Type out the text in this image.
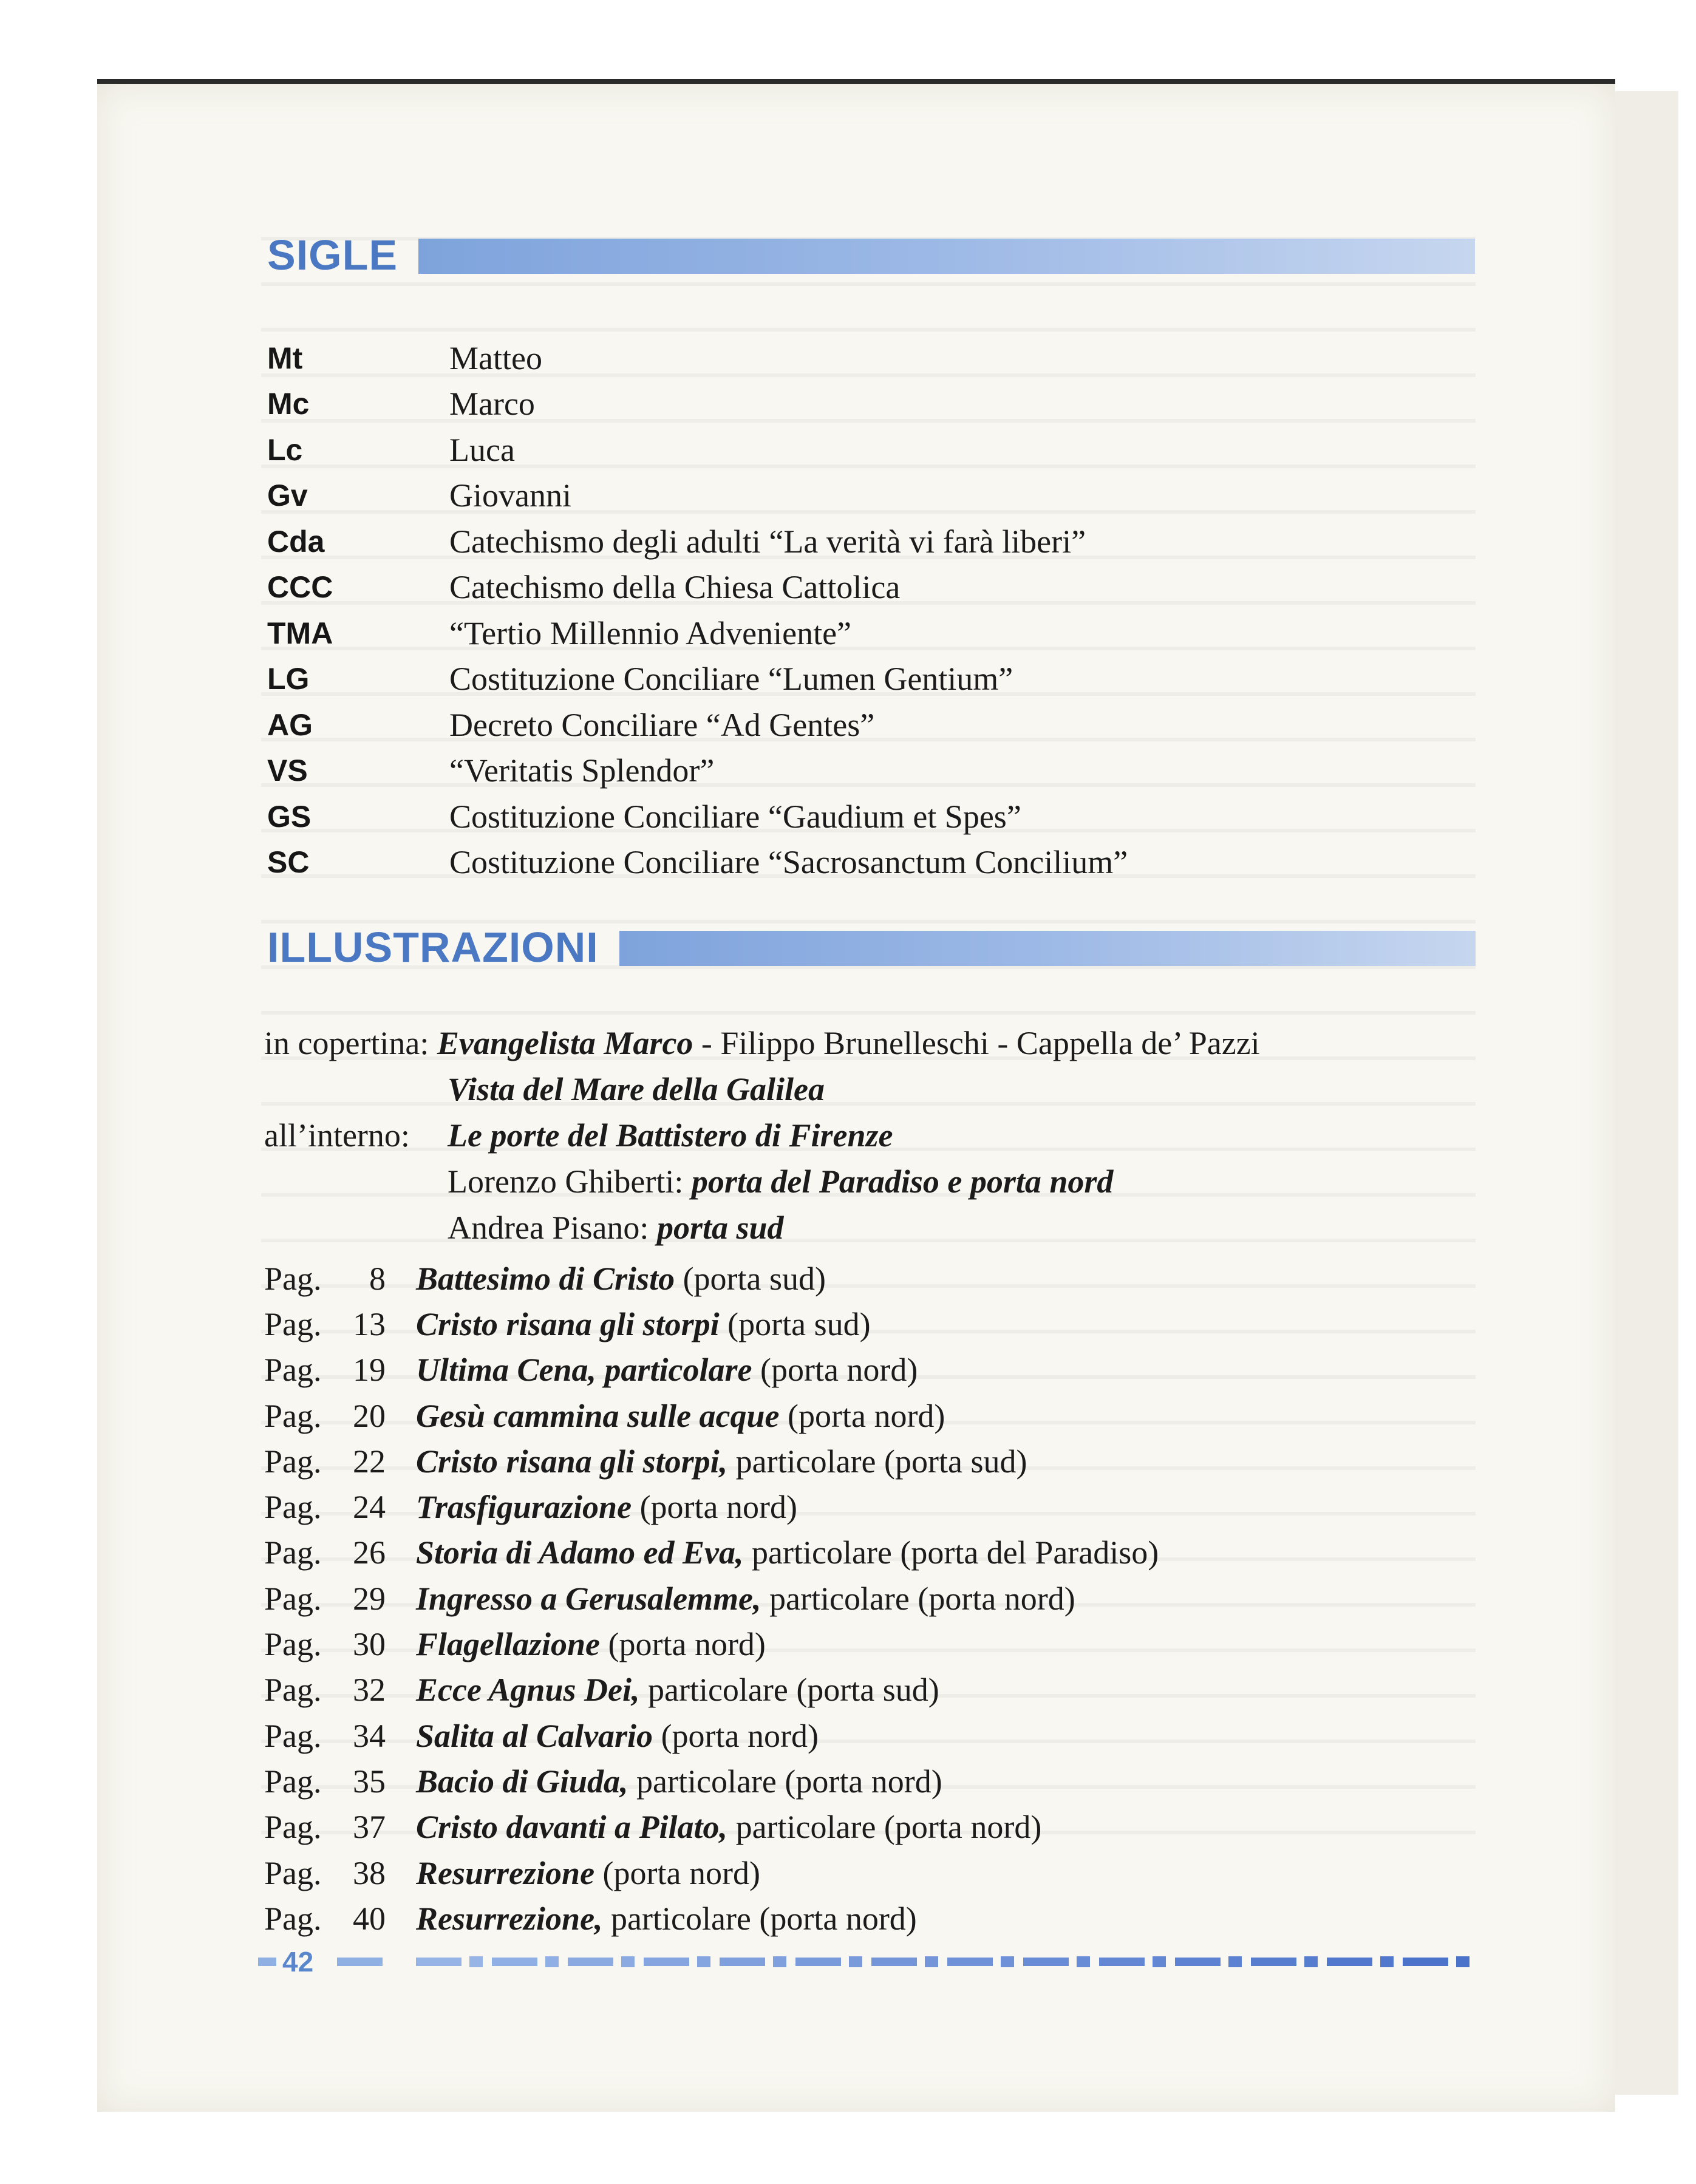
SIGLE
Mt	Matteo
Mc	Marco
Lc	Luca
Gv	Giovanni
Cda	Catechismo degli adulti “La verità vi farà liberi”
CCC	Catechismo della Chiesa Cattolica
TMA	“Tertio Millennio Adveniente”
LG	Costituzione Conciliare “Lumen Gentium”
AG	Decreto Conciliare “Ad Gentes”
VS	“Veritatis Splendor”
GS	Costituzione Conciliare “Gaudium et Spes”
SC	Costituzione Conciliare “Sacrosanctum Concilium”
ILLUSTRAZIONI
in copertina:
Evangelista Marco - Filippo Brunelleschi - Cappella de’ Pazzi
Vista del Mare della Galilea
all’interno:	Le porte del Battistero di Firenze
Lorenzo Ghiberti: porta del Paradiso e porta nord
Andrea Pisano: porta sud
Pag.	8 Battesimo di Cristo (porta sud)
Pag. 13 Cristo risana gli storpi (porta sud)
Pag. 19 Ultima Cena, particolare (porta nord)
Pag. 20 Gesù cammina sulle acque (porta nord)
Pag. 22 Cristo risana gli storpi, particolare (porta sud)
Pag. 24 Trasfigurazione (porta nord)
Pag. 26 Storia di Adamo ed Eva, particolare (porta del Paradiso)
Pag. 29 Ingresso a Gerusalemme, particolare (porta nord)
Pag. 30 Flagellazione (porta nord)
Pag. 32 Ecce Agnus Dei, particolare (porta sud)
Pag. 34 Salita al Calvario (porta nord)
Pag. 35 Bacio di Giuda, particolare (porta nord)
Pag. 37 Cristo davanti a Pilato, particolare (porta nord)
Pag. 38 Resurrezione (porta nord)
Pag. 40 Resurrezione, particolare (porta nord)
42
